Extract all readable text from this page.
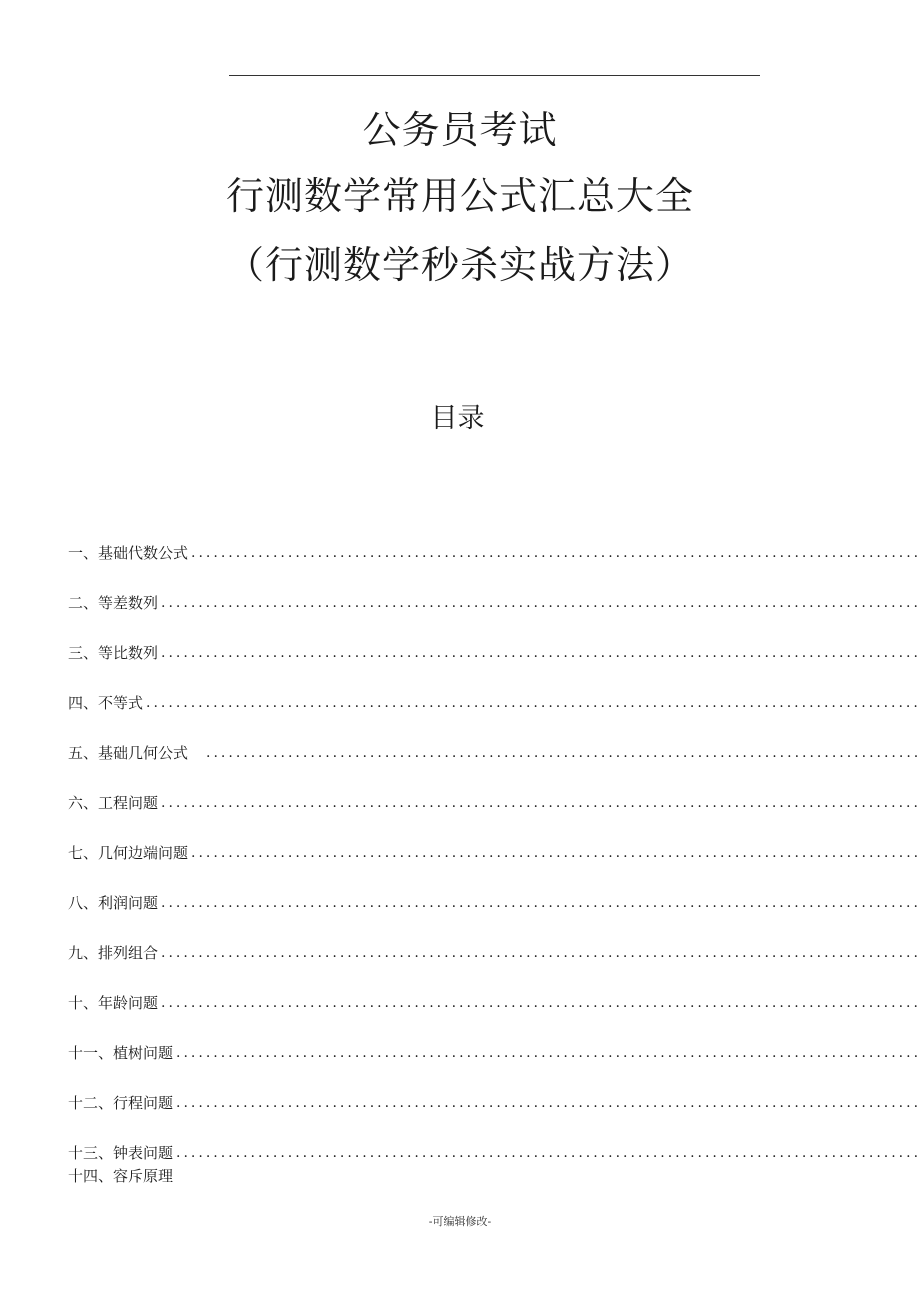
公务员考试
行测数学常用公式汇总大全
（行测数学秒杀实战方法）
目录
一、基础代数公式
.....
二、等差数列
.....
三、等比数列
.....
四、不等式
.....
五、基础几何公式　
.....
六、工程问题
.....
七、几何边端问题
.....
八、利润问题
.....
九、排列组合
.....
十、年龄问题
.....
十一、植树问题
.....
十二、行程问题
.....
十三、钟表问题
.....
十四、容斥原理
-可编辑修改-
